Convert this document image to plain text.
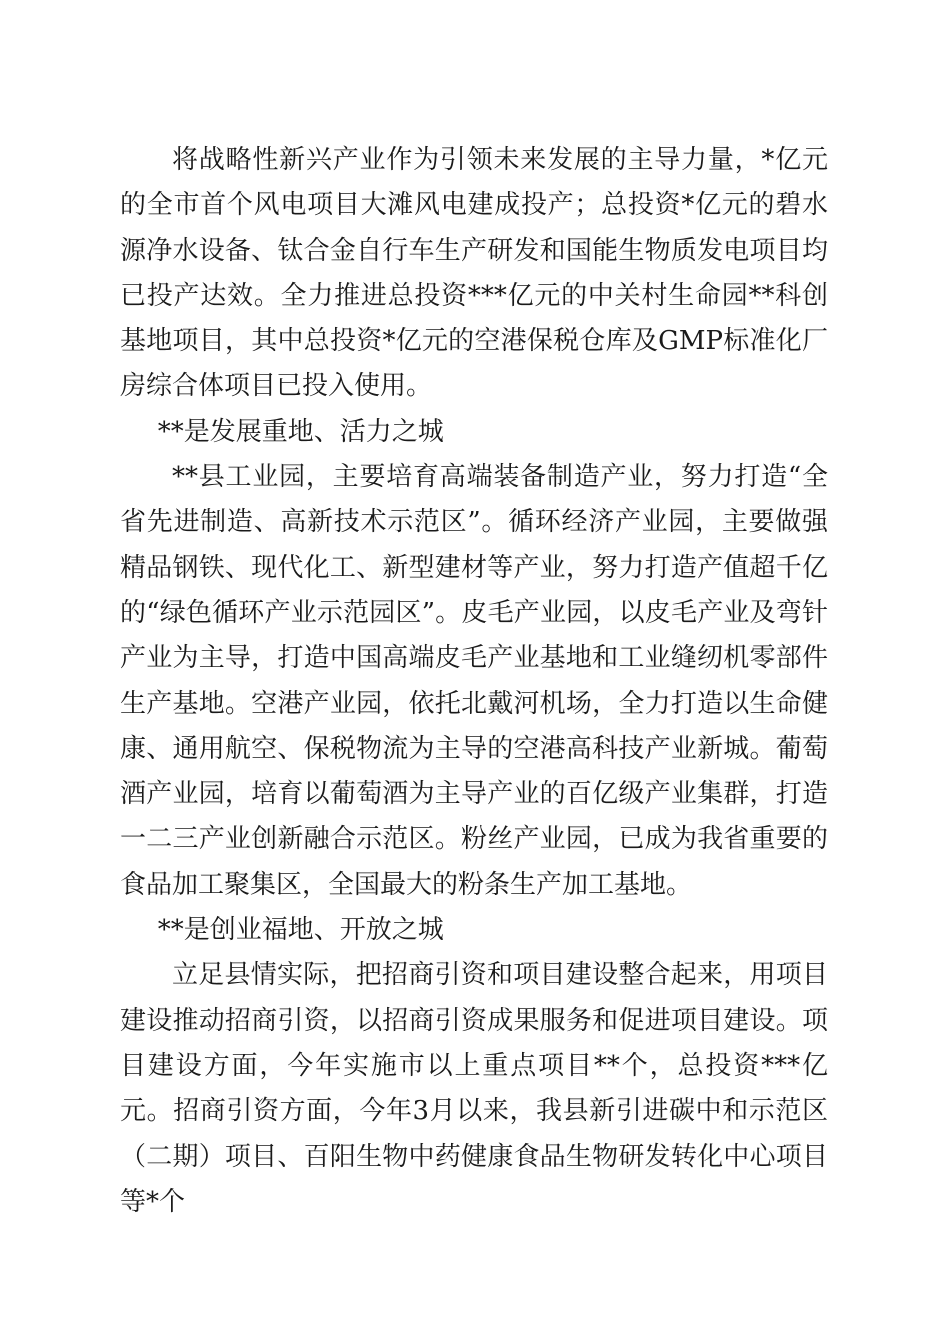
将战略性新兴产业作为引领未来发展的主导力量，*亿元的全市首个风电项目大滩风电建成投产；总投资*亿元的碧水源净水设备、钛合金自行车生产研发和国能生物质发电项目均已投产达效。全力推进总投资***亿元的中关村生命园**科创基地项目，其中总投资*亿元的空港保税仓库及GMP标准化厂房综合体项目已投入使用。

**是发展重地、活力之城

**县工业园，主要培育高端装备制造产业，努力打造“全省先进制造、高新技术示范区”。循环经济产业园，主要做强精品钢铁、现代化工、新型建材等产业，努力打造产值超千亿的“绿色循环产业示范园区”。皮毛产业园，以皮毛产业及弯针产业为主导，打造中国高端皮毛产业基地和工业缝纫机零部件生产基地。空港产业园，依托北戴河机场，全力打造以生命健康、通用航空、保税物流为主导的空港高科技产业新城。葡萄酒产业园，培育以葡萄酒为主导产业的百亿级产业集群，打造一二三产业创新融合示范区。粉丝产业园，已成为我省重要的食品加工聚集区，全国最大的粉条生产加工基地。

**是创业福地、开放之城

立足县情实际，把招商引资和项目建设整合起来，用项目建设推动招商引资，以招商引资成果服务和促进项目建设。项目建设方面，今年实施市以上重点项目**个，总投资***亿元。招商引资方面，今年3月以来，我县新引进碳中和示范区（二期）项目、百阳生物中药健康食品生物研发转化中心项目等*个
